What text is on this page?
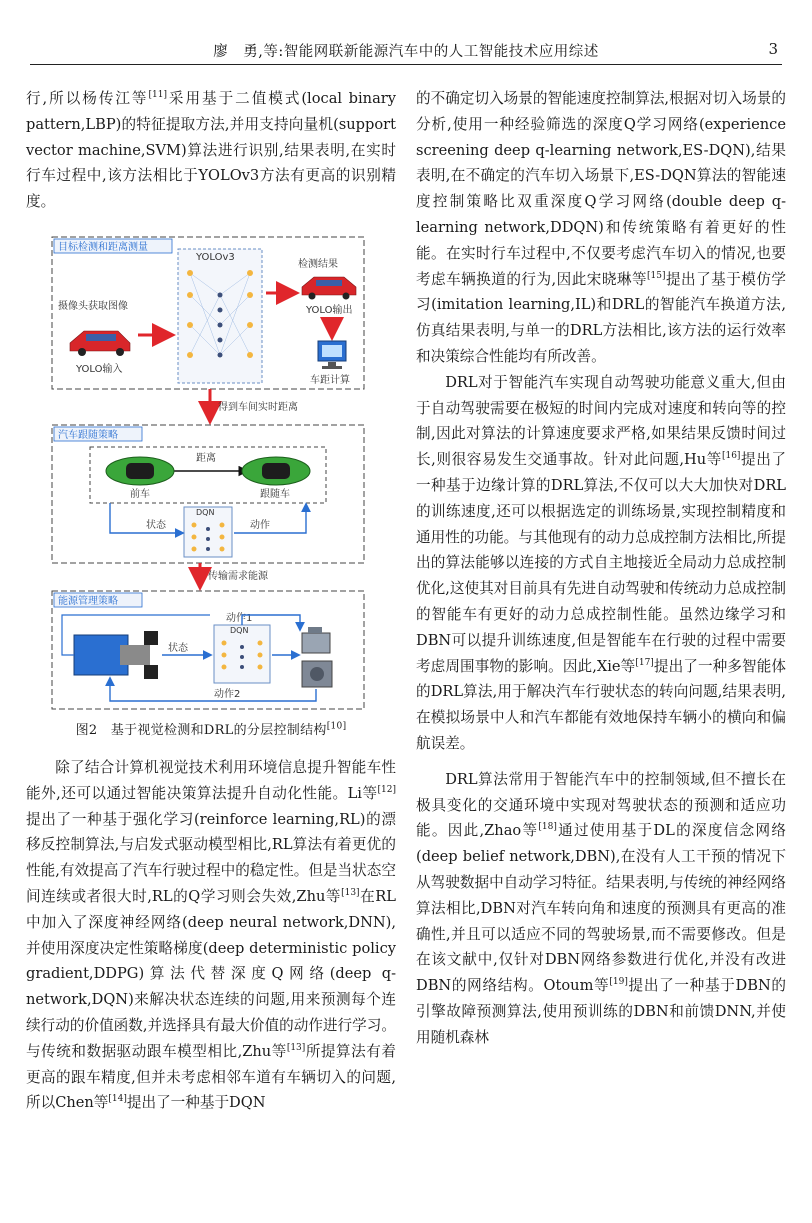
廖　勇,等:智能网联新能源汽车中的人工智能技术应用综述	3

行,所以杨传江等[11]采用基于二值模式(local binary pattern,LBP)的特征提取方法,并用支持向量机(support vector machine,SVM)算法进行识别,结果表明,在实时行车过程中,该方法相比于YOLOv3方法有更高的识别精度。

目标检测和距离测量
YOLOv3
摄像头获取图像
YOLO输入
检测结果
YOLO输出
车距计算
得到车间实时距离
汽车跟随策略
距离
前车	跟随车
DQN
状态	动作
传输需求能源
能源管理策略
动作1
DQN
状态
动作2
图2　基于视觉检测和DRL的分层控制结构[10]

除了结合计算机视觉技术利用环境信息提升智能车性能外,还可以通过智能决策算法提升自动化性能。Li等[12]提出了一种基于强化学习(reinforce learning,RL)的漂移反控制算法,与启发式驱动模型相比,RL算法有着更优的性能,有效提高了汽车行驶过程中的稳定性。但是当状态空间连续或者很大时,RL的Q学习则会失效,Zhu等[13]在RL中加入了深度神经网络(deep neural network,DNN),并使用深度决定性策略梯度(deep deterministic policy gradient,DDPG)算法代替深度Q网络(deep q-network,DQN)来解决状态连续的问题,用来预测每个连续行动的价值函数,并选择具有最大价值的动作进行学习。与传统和数据驱动跟车模型相比,Zhu等[13]所提算法有着更高的跟车精度,但并未考虑相邻车道有车辆切入的问题,所以Chen等[14]提出了一种基于DQN

的不确定切入场景的智能速度控制算法,根据对切入场景的分析,使用一种经验筛选的深度Q学习网络(experience screening deep q-learning network,ES-DQN),结果表明,在不确定的汽车切入场景下,ES-DQN算法的智能速度控制策略比双重深度Q学习网络(double deep q-learning network,DDQN)和传统策略有着更好的性能。在实时行车过程中,不仅要考虑汽车切入的情况,也要考虑车辆换道的行为,因此宋晓琳等[15]提出了基于模仿学习(imitation learning,IL)和DRL的智能汽车换道方法,仿真结果表明,与单一的DRL方法相比,该方法的运行效率和决策综合性能均有所改善。

DRL对于智能汽车实现自动驾驶功能意义重大,但由于自动驾驶需要在极短的时间内完成对速度和转向等的控制,因此对算法的计算速度要求严格,如果结果反馈时间过长,则很容易发生交通事故。针对此问题,Hu等[16]提出了一种基于边缘计算的DRL算法,不仅可以大大加快对DRL的训练速度,还可以根据选定的训练场景,实现控制精度和通用性的功能。与其他现有的动力总成控制方法相比,所提出的算法能够以连接的方式自主地接近全局动力总成控制优化,这使其对目前具有先进自动驾驶和传统动力总成控制的智能车有更好的动力总成控制性能。虽然边缘学习和DBN可以提升训练速度,但是智能车在行驶的过程中需要考虑周围事物的影响。因此,Xie等[17]提出了一种多智能体的DRL算法,用于解决汽车行驶状态的转向问题,结果表明,在模拟场景中人和汽车都能有效地保持车辆小的横向和偏航误差。

DRL算法常用于智能汽车中的控制领域,但不擅长在极具变化的交通环境中实现对驾驶状态的预测和适应功能。因此,Zhao等[18]通过使用基于DL的深度信念网络(deep belief network,DBN),在没有人工干预的情况下从驾驶数据中自动学习特征。结果表明,与传统的神经网络算法相比,DBN对汽车转向角和速度的预测具有更高的准确性,并且可以适应不同的驾驶场景,而不需要修改。但是在该文献中,仅针对DBN网络参数进行优化,并没有改进DBN的网络结构。Otoum等[19]提出了一种基于DBN的引擎故障预测算法,使用预训练的DBN和前馈DNN,并使用随机森林
